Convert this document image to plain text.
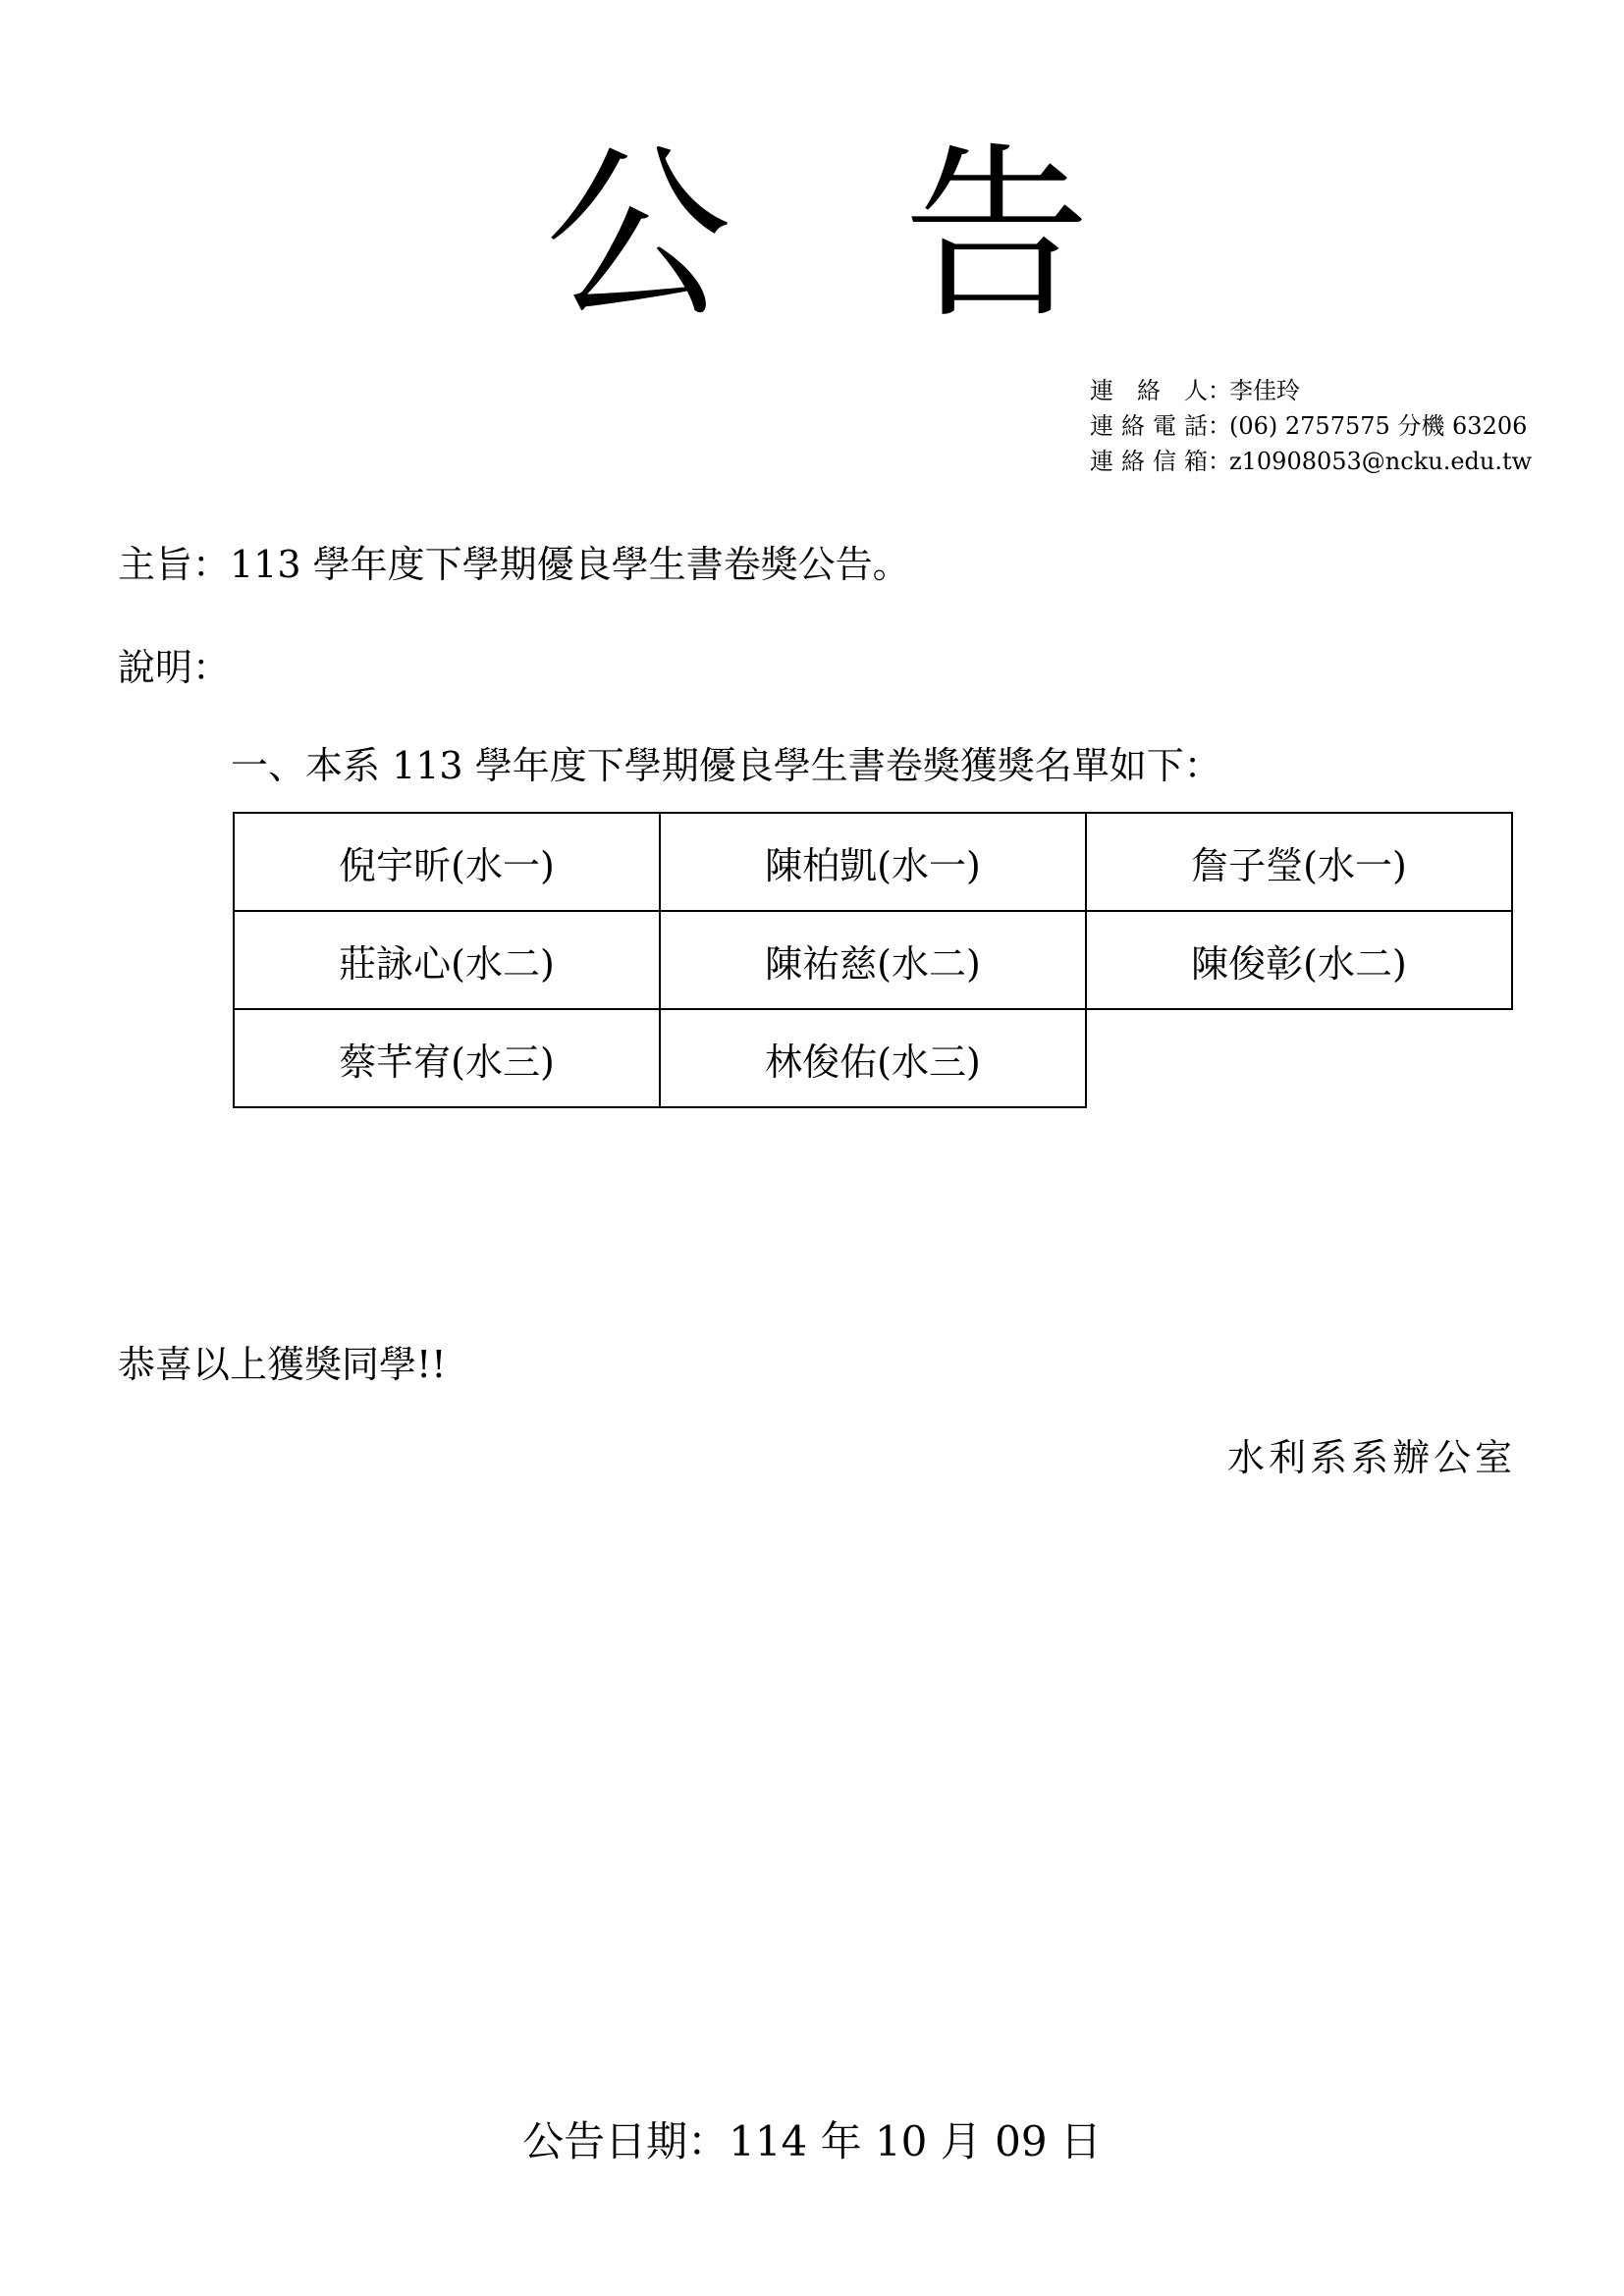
公 告
連絡人 ：
李佳玲
連絡電話 ：
(06) 2757575 分機 63206
連絡信箱 ：
z10908053@ncku.edu.tw
主旨：113 學年度下學期優良學生書卷獎公告。
說明：
一、本系 113 學年度下學期優良學生書卷獎獲獎名單如下：
倪宇昕(水一)	陳柏凱(水一)	詹子瑩(水一)
莊詠心(水二)	陳祐慈(水二)	陳俊彰(水二)
蔡芊宥(水三)	林俊佑(水三)	
恭喜以上獲獎同學!!
水利系系辦公室
公告日期：114 年 10 月 09 日
